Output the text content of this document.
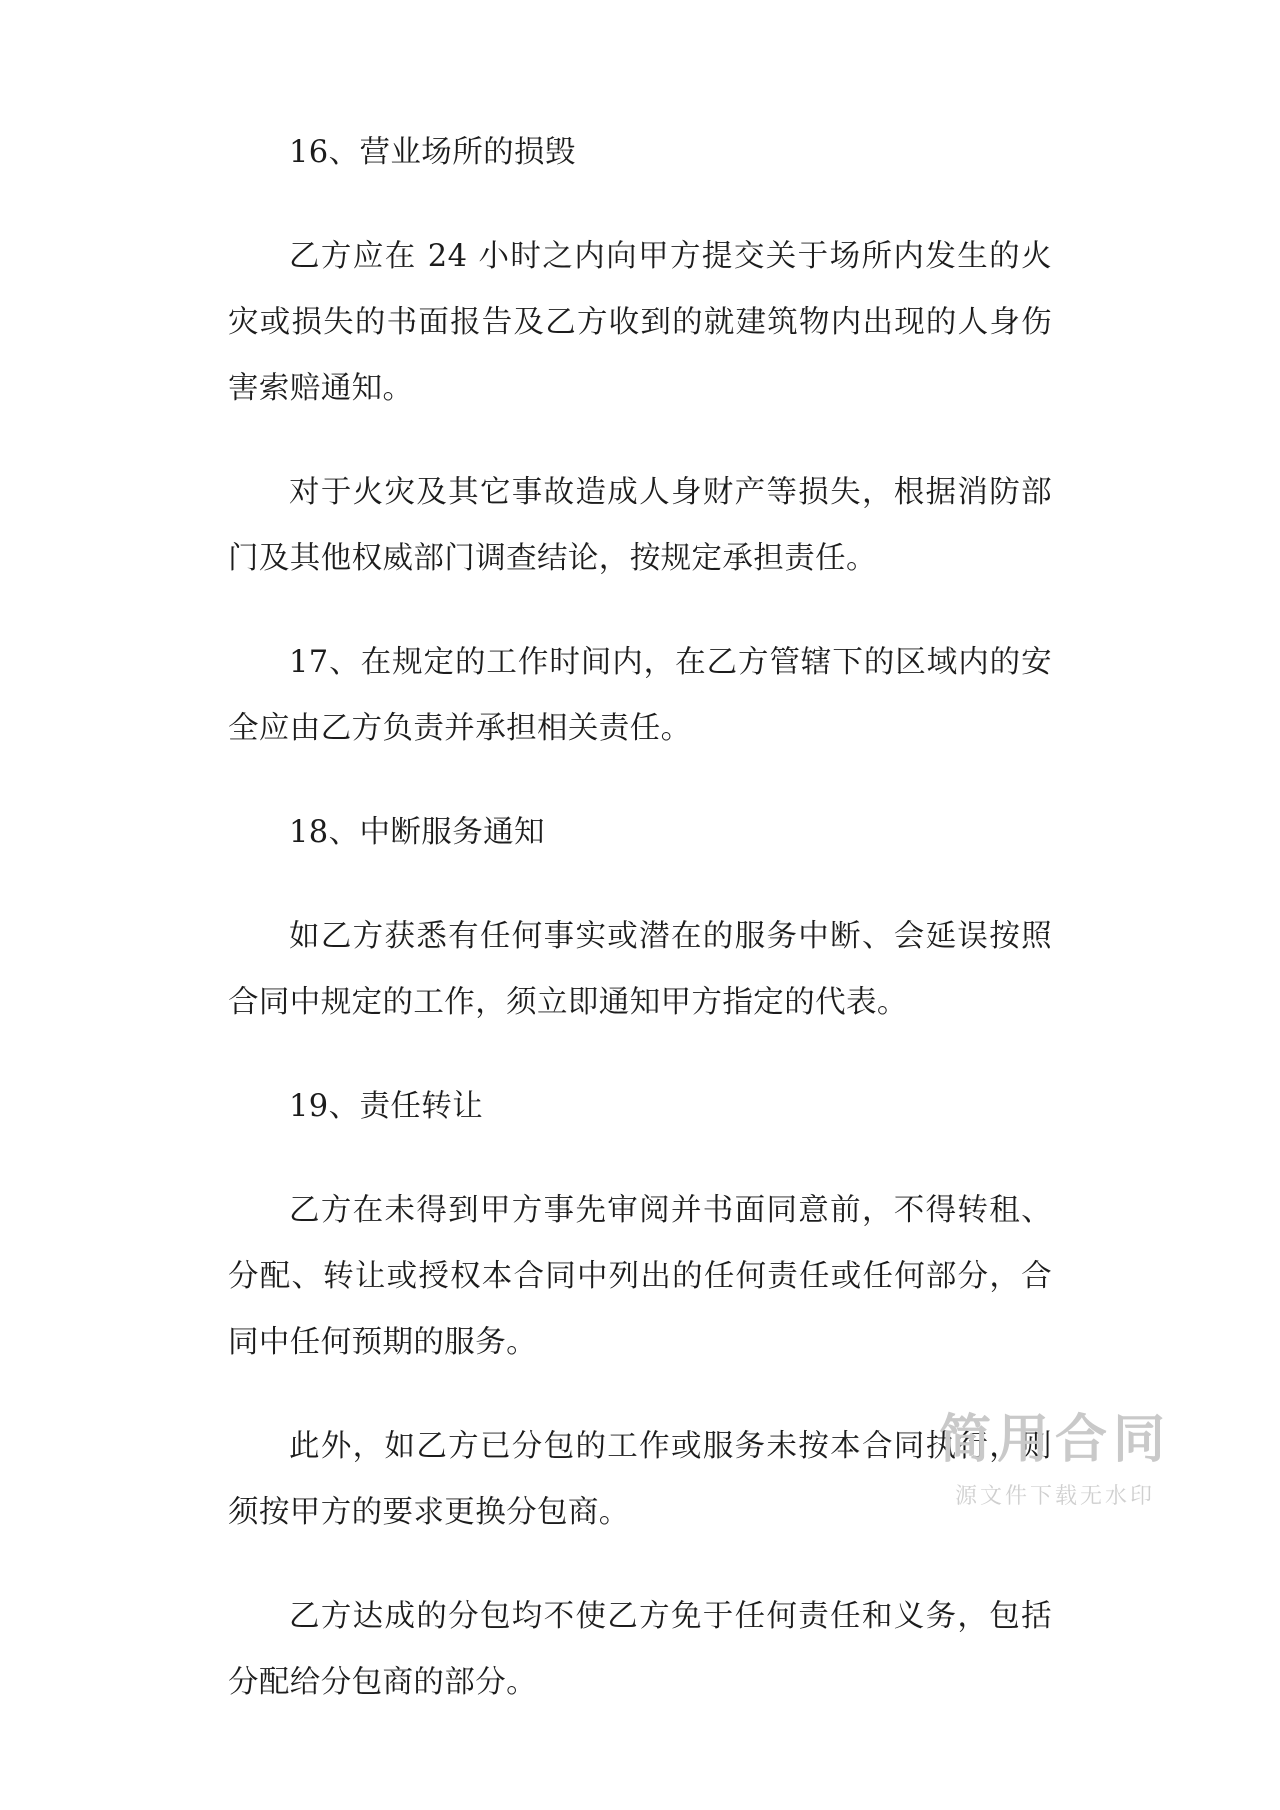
16、营业场所的损毁

乙方应在 24 小时之内向甲方提交关于场所内发生的火灾或损失的书面报告及乙方收到的就建筑物内出现的人身伤害索赔通知。

对于火灾及其它事故造成人身财产等损失，根据消防部门及其他权威部门调查结论，按规定承担责任。

17、在规定的工作时间内，在乙方管辖下的区域内的安全应由乙方负责并承担相关责任。

18、中断服务通知

如乙方获悉有任何事实或潜在的服务中断、会延误按照合同中规定的工作，须立即通知甲方指定的代表。

19、责任转让

乙方在未得到甲方事先审阅并书面同意前，不得转租、分配、转让或授权本合同中列出的任何责任或任何部分，合同中任何预期的服务。

此外，如乙方已分包的工作或服务未按本合同执行，则须按甲方的要求更换分包商。

乙方达成的分包均不使乙方免于任何责任和义务，包括分配给分包商的部分。

简用合同
源文件下载无水印
